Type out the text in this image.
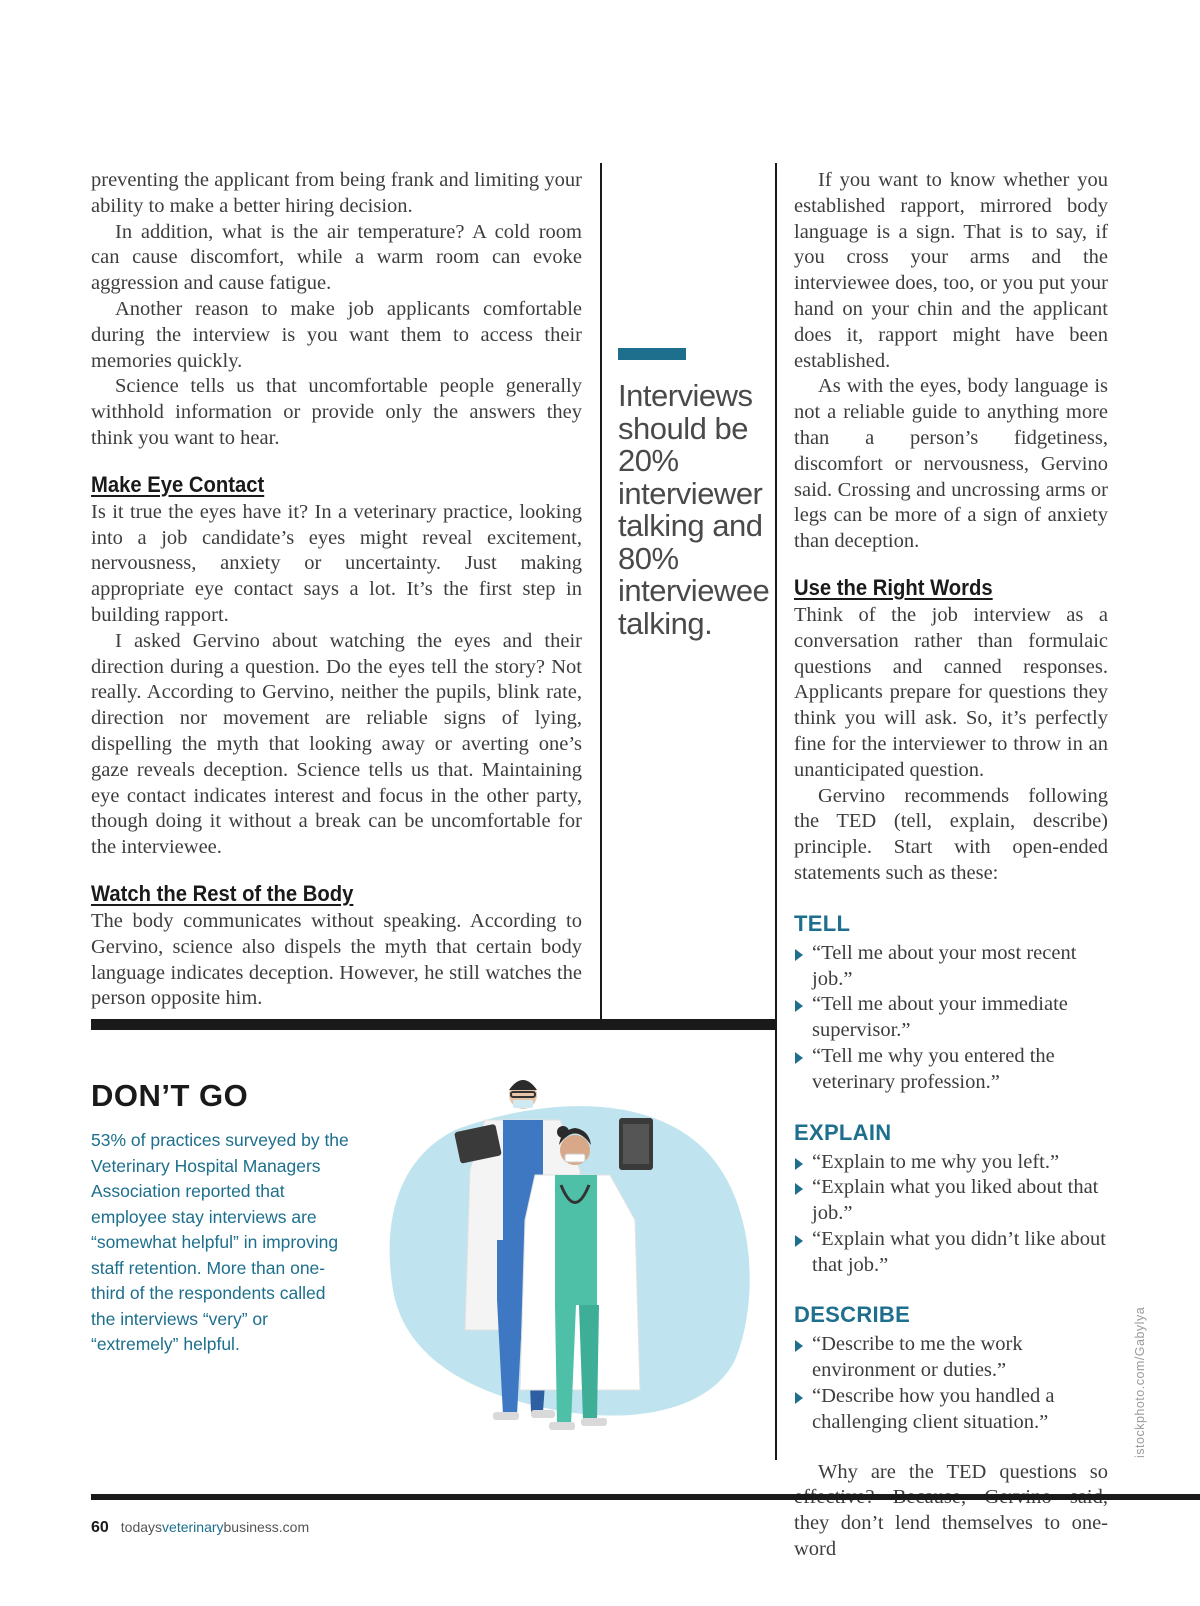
preventing the applicant from being frank and limiting your ability to make a better hiring decision.

In addition, what is the air temperature? A cold room can cause discomfort, while a warm room can evoke aggression and cause fatigue.

Another reason to make job applicants comfortable during the interview is you want them to access their memories quickly.

Science tells us that uncomfortable people generally withhold information or provide only the answers they think you want to hear.

Make Eye Contact

Is it true the eyes have it? In a veterinary practice, looking into a job candidate’s eyes might reveal excitement, nervousness, anxiety or uncertainty. Just making appropriate eye contact says a lot. It’s the first step in building rapport.

I asked Gervino about watching the eyes and their direction during a question. Do the eyes tell the story? Not really. According to Gervino, neither the pupils, blink rate, direction nor movement are reliable signs of lying, dispelling the myth that looking away or averting one’s gaze reveals deception. Science tells us that. Maintaining eye contact indicates interest and focus in the other party, though doing it without a break can be uncomfortable for the interviewee.

Watch the Rest of the Body

The body communicates without speaking. According to Gervino, science also dispels the myth that certain body language indicates deception. However, he still watches the person opposite him.

Interviews should be 20% interviewer talking and 80% interviewee talking.

If you want to know whether you established rapport, mirrored body language is a sign. That is to say, if you cross your arms and the interviewee does, too, or you put your hand on your chin and the applicant does it, rapport might have been established.

As with the eyes, body language is not a reliable guide to anything more than a person’s fidgetiness, discomfort or nervousness, Gervino said. Crossing and uncrossing arms or legs can be more of a sign of anxiety than deception.

Use the Right Words

Think of the job interview as a conversation rather than formulaic questions and canned responses. Applicants prepare for questions they think you will ask. So, it’s perfectly fine for the interviewer to throw in an unanticipated question.

Gervino recommends following the TED (tell, explain, describe) principle. Start with open-ended statements such as these:

TELL
“Tell me about your most recent job.”
“Tell me about your immediate supervisor.”
“Tell me why you entered the veterinary profession.”
EXPLAIN
“Explain to me why you left.”
“Explain what you liked about that job.”
“Explain what you didn’t like about that job.”
DESCRIBE
“Describe to me the work environment or duties.”
“Describe how you handled a challenging client situation.”

Why are the TED questions so they don’t lend themselves to one-word

DON’T GO
53% of practices surveyed by the Veterinary Hospital Managers Association reported that employee stay interviews are “somewhat helpful” in improving staff retention. More than one-third of the respondents called the interviews “very” or “extremely” helpful.
60 todaysveterinarybusiness.com
istockphoto.com/Gabylya
